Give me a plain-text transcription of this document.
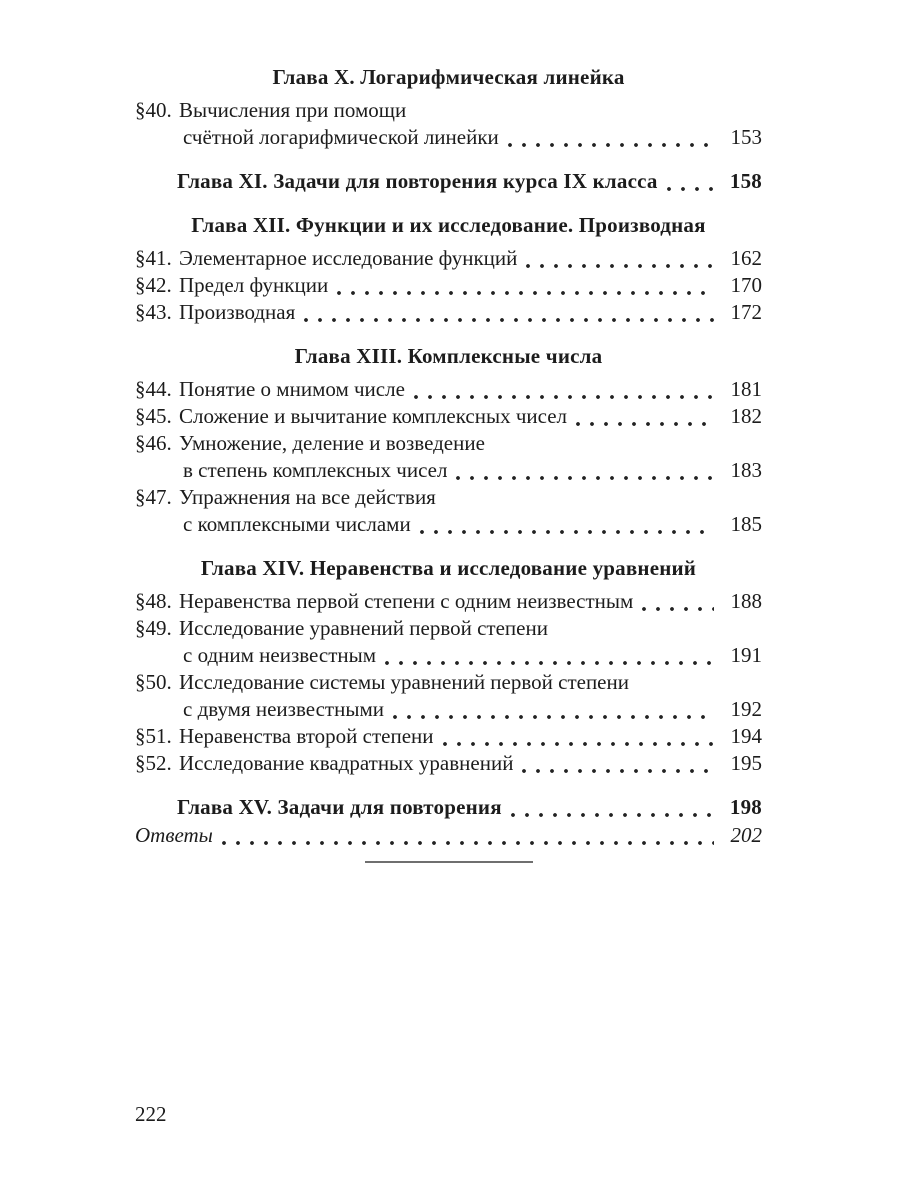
Глава X. Логарифмическая линейка
§40. Вычисления при помощи
счётной логарифмической линейки	153
Глава XI. Задачи для повторения курса IX класса	158
Глава XII. Функции и их исследование. Производная
§41. Элементарное исследование функций	162
§42. Предел функции	170
§43. Производная	172
Глава XIII. Комплексные числа
§44. Понятие о мнимом числе	181
§45. Сложение и вычитание комплексных чисел	182
§46. Умножение, деление и возведение
в степень комплексных чисел	183
§47. Упражнения на все действия
с комплексными числами	185
Глава XIV. Неравенства и исследование уравнений
§48. Неравенства первой степени с одним неизвестным	188
§49. Исследование уравнений первой степени
с одним неизвестным	191
§50. Исследование системы уравнений первой степени
с двумя неизвестными	192
§51. Неравенства второй степени	194
§52. Исследование квадратных уравнений	195
Глава XV. Задачи для повторения	198
Ответы	202
222
